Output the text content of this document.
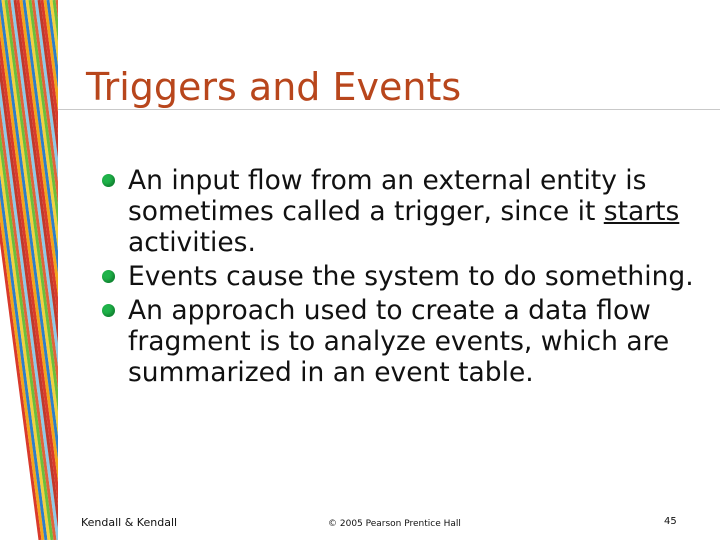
Triggers and Events
An input flow from an external entity is sometimes called a trigger, since it starts activities.
Events cause the system to do something.
An approach used to create a data flow fragment is to analyze events, which are summarized in an event table.
Kendall & Kendall	© 2005 Pearson Prentice Hall	45
